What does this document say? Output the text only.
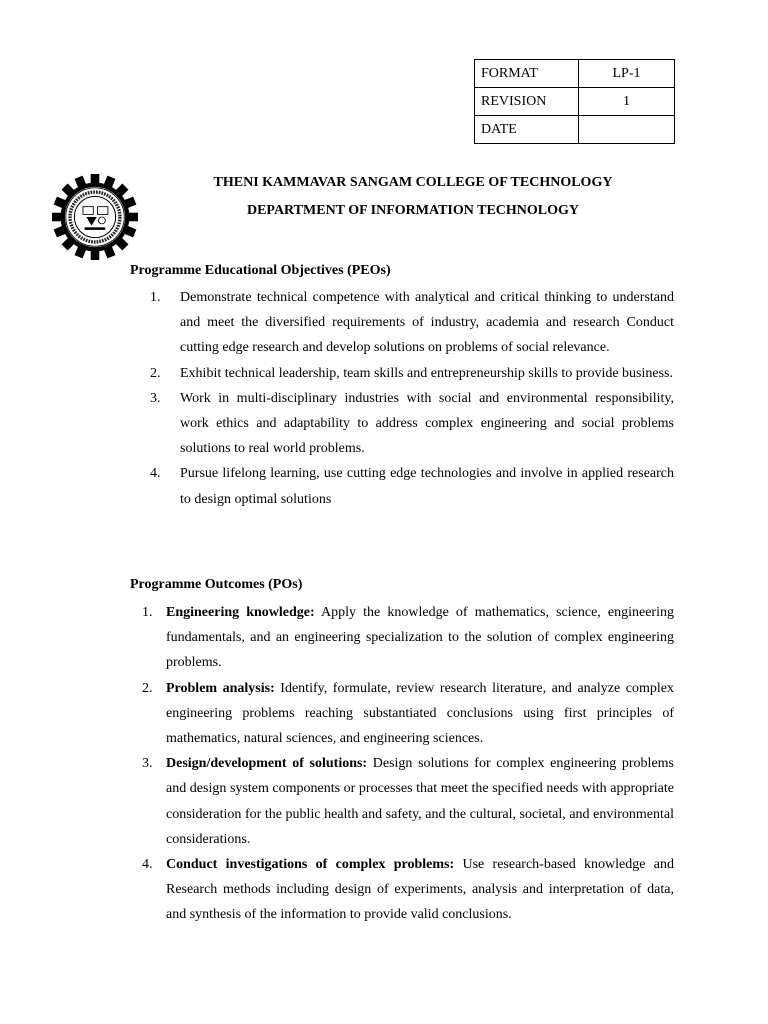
FORMAT	LP-1
REVISION	1
DATE	
THENI KAMMAVAR SANGAM COLLEGE OF TECHNOLOGY
DEPARTMENT OF INFORMATION TECHNOLOGY
Programme Educational Objectives (PEOs)
1. Demonstrate technical competence with analytical and critical thinking to understand and meet the diversified requirements of industry, academia and research Conduct cutting edge research and develop solutions on problems of social relevance.
2. Exhibit technical leadership, team skills and entrepreneurship skills to provide business.
3. Work in multi-disciplinary industries with social and environmental responsibility, work ethics and adaptability to address complex engineering and social problems solutions to real world problems.
4. Pursue lifelong learning, use cutting edge technologies and involve in applied research to design optimal solutions
Programme Outcomes (POs)
1. Engineering knowledge: Apply the knowledge of mathematics, science, engineering fundamentals, and an engineering specialization to the solution of complex engineering problems.
2. Problem analysis: Identify, formulate, review research literature, and analyze complex engineering problems reaching substantiated conclusions using first principles of mathematics, natural sciences, and engineering sciences.
3. Design/development of solutions: Design solutions for complex engineering problems and design system components or processes that meet the specified needs with appropriate consideration for the public health and safety, and the cultural, societal, and environmental considerations.
4. Conduct investigations of complex problems: Use research-based knowledge and Research methods including design of experiments, analysis and interpretation of data, and synthesis of the information to provide valid conclusions.
